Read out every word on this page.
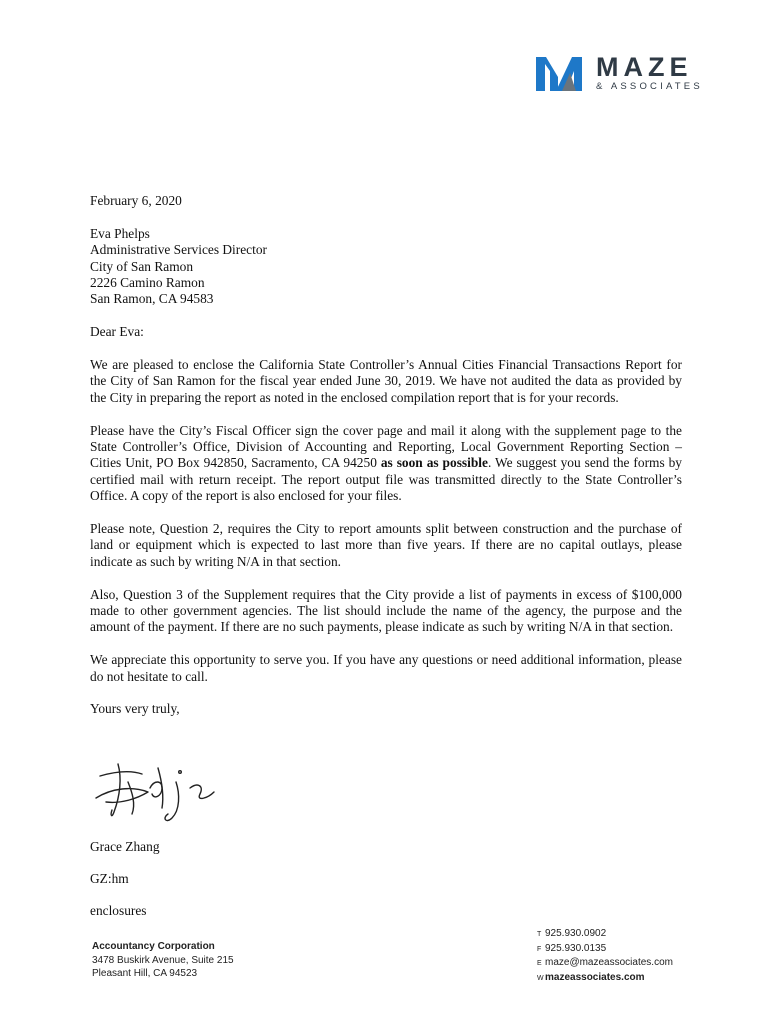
MAZE
& ASSOCIATES

February 6, 2020

Eva Phelps
Administrative Services Director
City of San Ramon
2226 Camino Ramon
San Ramon, CA 94583

Dear Eva:

We are pleased to enclose the California State Controller’s Annual Cities Financial Transactions Report for the City of San Ramon for the fiscal year ended June 30, 2019. We have not audited the data as provided by the City in preparing the report as noted in the enclosed compilation report that is for your records.

Please have the City’s Fiscal Officer sign the cover page and mail it along with the supplement page to the State Controller’s Office, Division of Accounting and Reporting, Local Government Reporting Section – Cities Unit, PO Box 942850, Sacramento, CA 94250 as soon as possible. We suggest you send the forms by certified mail with return receipt. The report output file was transmitted directly to the State Controller’s Office. A copy of the report is also enclosed for your files.

Please note, Question 2, requires the City to report amounts split between construction and the purchase of land or equipment which is expected to last more than five years. If there are no capital outlays, please indicate as such by writing N/A in that section.

Also, Question 3 of the Supplement requires that the City provide a list of payments in excess of $100,000 made to other government agencies. The list should include the name of the agency, the purpose and the amount of the payment. If there are no such payments, please indicate as such by writing N/A in that section.

We appreciate this opportunity to serve you. If you have any questions or need additional information, please do not hesitate to call.

Yours very truly,

Grace Zhang
GZ:hm
enclosures
Accountancy Corporation
3478 Buskirk Avenue, Suite 215
Pleasant Hill, CA 94523
T 925.930.0902
F 925.930.0135
E maze@mazeassociates.com
Wmazeassociates.com
